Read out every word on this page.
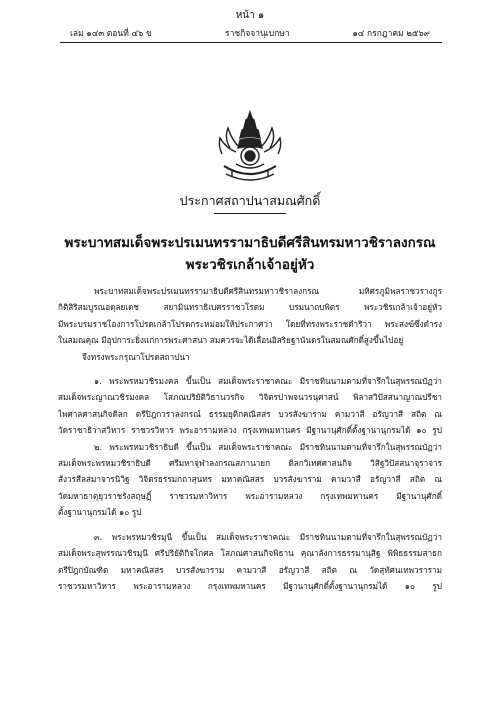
หน้า ๑
เล่ม ๑๔๓ ตอนที่ ๔๖ ข	ราชกิจจานุเบกษา	๑๔ กรกฎาคม ๒๕๖๙
ประกาศสถาปนาสมณศักดิ์
พระบาทสมเด็จพระปรเมนทรรามาธิบดีศรีสินทรมหาวชิราลงกรณ
พระวชิรเกล้าเจ้าอยู่หัว
พระบาทสมเด็จพระปรเมนทรรามาธิบดีศรีสินทรมหาวชิราลงกรณ มหิศรภูมิพลราชวรางกูร
กิติสิริสมบูรณอดุลยเดช สยามินทราธิเบศรราชวโรดม บรมนาถบพิตร พระวชิรเกล้าเจ้าอยู่หัว
มีพระบรมราชโองการโปรดเกล้าโปรดกระหม่อมให้ประกาศว่า โดยที่ทรงพระราชดำริว่า พระสงฆ์ซึ่งดำรง
ในสมณคุณ มีอุปการะยิ่งแก่การพระศาสนา สมควรจะได้เลื่อนอิสริยฐานันดรในสมณศักดิ์สูงขึ้นไปอยู่
จึงทรงพระกรุณาโปรดสถาปนา
๑. พระพรหมวชิรมงคล ขึ้นเป็น สมเด็จพระราชาคณะ มีราชทินนามตามที่จารึกในสุพรรณบัฏว่า
สมเด็จพระญาณวชิรมงคล โสภณปริยัติวิธานวรกิจ วิจิตรปาพจนวรนุศาสน์ พิลาสวิปัสสนาญาณปรีชา
ไพศาลศาสนกิจดิลก ตรีปิฎกวราลงกรณ์ ธรรมยุติกคณิสสร บวรสังฆาราม คามวาสี อรัญวาสี สถิต ณ
วัดราชาธิวาสวิหาร ราชวรวิหาร พระอารามหลวง กรุงเทพมหานคร มีฐานานุศักดิ์ตั้งฐานานุกรมได้ ๑๐ รูป
๒. พระพรหมวชิราธิบดี ขึ้นเป็น สมเด็จพระราชาคณะ มีราชทินนามตามที่จารึกในสุพรรณบัฏว่า
สมเด็จพระพรหมวชิราธิบดี ศรีมหาจุฬาลงกรณสภานายก ดิลกวิเทศศาสนกิจ วิสิฐวิปัสสนาจุราจาร
สังวรสีลสมาจารนิวิฐ วิจิตรธรรมกถาสุนทร มหาคณิสสร บวรสังฆาราม คามวาสี อรัญวาสี สถิต ณ
วัดมหาธาตุยุวราชรังสฤษฏิ์ ราชวรมหาวิหาร พระอารามหลวง กรุงเทพมหานคร มีฐานานุศักดิ์
ตั้งฐานานุกรมได้ ๑๐ รูป
๓. พระพรหมวชิรมุนี ขึ้นเป็น สมเด็จพระราชาคณะ มีราชทินนามตามที่จารึกในสุพรรณบัฏว่า
สมเด็จพระสุพรรณวชิรมุนี ศรีปริยัติกิจโกศล โสภณศาสนกิจพิธาน คุณาลังการธรรมานุสิฐ พิพิธธรรมสาธก
ตรีปิฎกบัณฑิต มหาคณิสสร บวรสังฆาราม คามวาสี อรัญวาสี สถิต ณ วัดสุทัศนเทพวราราม
ราชวรมหาวิหาร พระอารามหลวง กรุงเทพมหานคร มีฐานานุศักดิ์ตั้งฐานานุกรมได้ ๑๐ รูป
